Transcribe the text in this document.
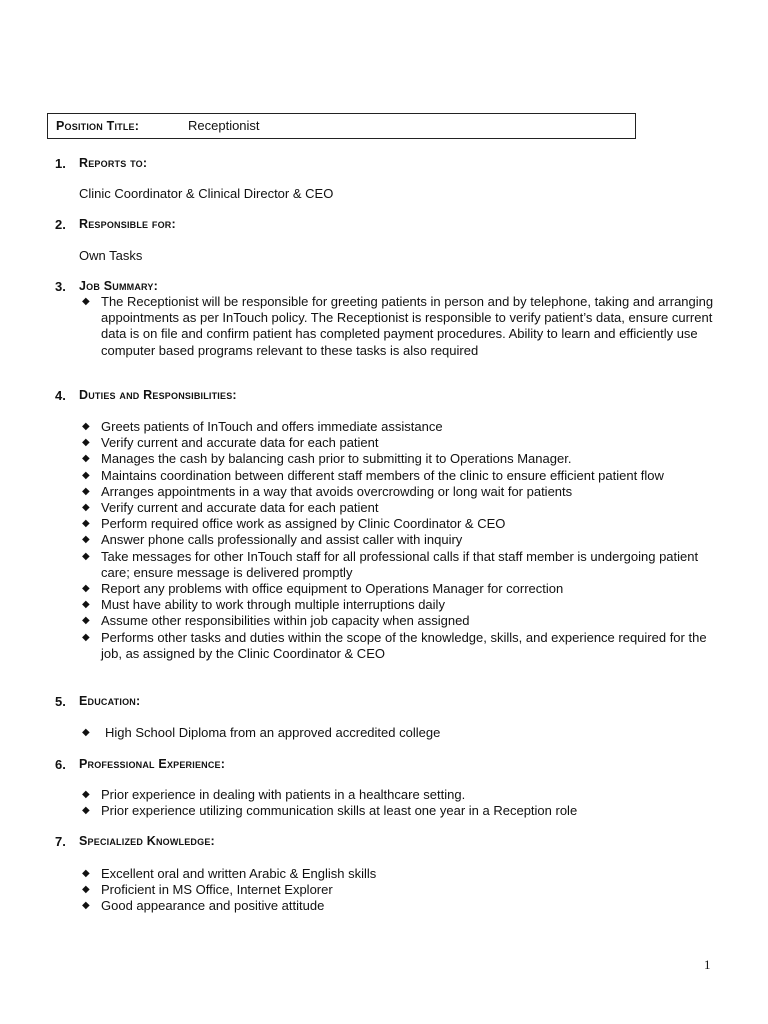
Position Title:	Receptionist
1. Reports to:
Clinic Coordinator & Clinical Director & CEO
2. Responsible for:
Own Tasks
3. Job Summary:
◆ The Receptionist will be responsible for greeting patients in person and by telephone, taking and arranging appointments as per InTouch policy. The Receptionist is responsible to verify patient’s data, ensure current data is on file and confirm patient has completed payment procedures. Ability to learn and efficiently use computer based programs relevant to these tasks is also required
4. Duties and Responsibilities:
◆ Greets patients of InTouch and offers immediate assistance
◆ Verify current and accurate data for each patient
◆ Manages the cash by balancing cash prior to submitting it to Operations Manager.
◆ Maintains coordination between different staff members of the clinic to ensure efficient patient flow
◆ Arranges appointments in a way that avoids overcrowding or long wait for patients
◆ Verify current and accurate data for each patient
◆ Perform required office work as assigned by Clinic Coordinator & CEO
◆ Answer phone calls professionally and assist caller with inquiry
◆ Take messages for other InTouch staff for all professional calls if that staff member is undergoing patient care; ensure message is delivered promptly
◆ Report any problems with office equipment to Operations Manager for correction
◆ Must have ability to work through multiple interruptions daily
◆ Assume other responsibilities within job capacity when assigned
◆ Performs other tasks and duties within the scope of the knowledge, skills, and experience required for the job, as assigned by the Clinic Coordinator & CEO
5. Education:
◆ High School Diploma from an approved accredited college
6. Professional Experience:
◆ Prior experience in dealing with patients in a healthcare setting.
◆ Prior experience utilizing communication skills at least one year in a Reception role
7. Specialized Knowledge:
◆ Excellent oral and written Arabic & English skills
◆ Proficient in MS Office, Internet Explorer
◆ Good appearance and positive attitude
1
